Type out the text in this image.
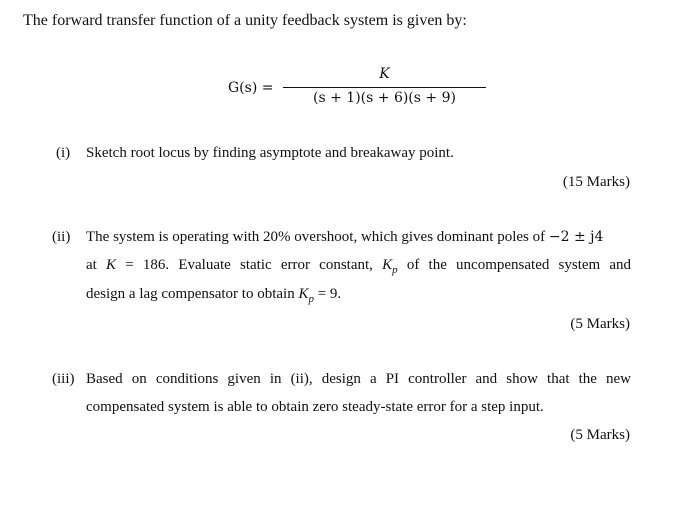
The forward transfer function of a unity feedback system is given by:
G(s) =
K
(s + 1)(s + 6)(s + 9)
(i) Sketch root locus by finding asymptote and breakaway point.
(15 Marks)
(ii) The system is operating with 20% overshoot, which gives dominant poles of −2 ± j4
at K = 186. Evaluate static error constant, $K_p$ of the uncompensated system and
design a lag compensator to obtain $K_p = 9$.
(5 Marks)
(iii) Based on conditions given in (ii), design a PI controller and show that the new
compensated system is able to obtain zero steady-state error for a step input.
(5 Marks)
